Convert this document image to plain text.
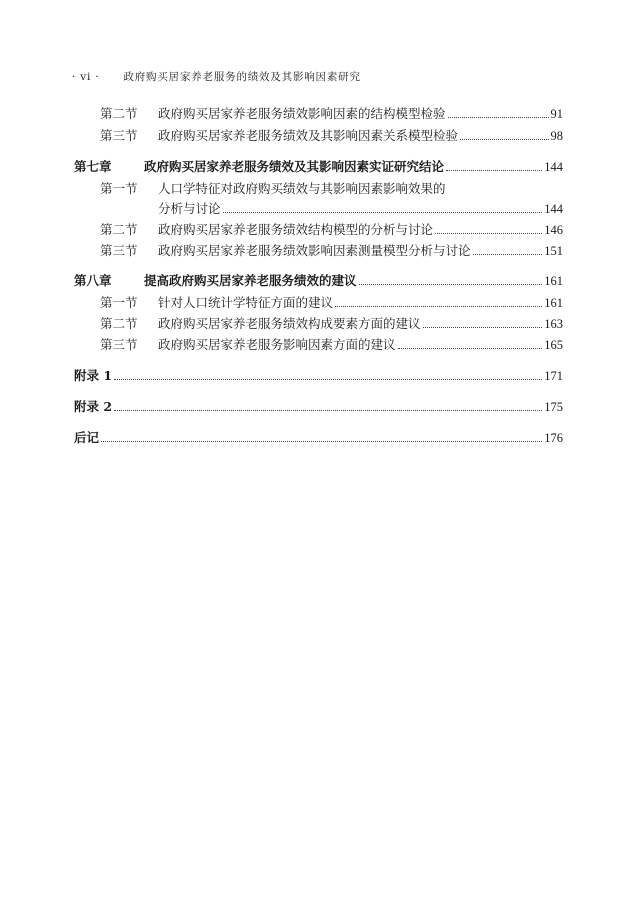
· vi · 政府购买居家养老服务的绩效及其影响因素研究
第二节	政府购买居家养老服务绩效影响因素的结构模型检验	91
第三节	政府购买居家养老服务绩效及其影响因素关系模型检验	98
第七章	政府购买居家养老服务绩效及其影响因素实证研究结论	144
第一节	人口学特征对政府购买绩效与其影响因素影响效果的
分析与讨论	144
第二节	政府购买居家养老服务绩效结构模型的分析与讨论	146
第三节	政府购买居家养老服务绩效影响因素测量模型分析与讨论	151
第八章	提高政府购买居家养老服务绩效的建议	161
第一节	针对人口统计学特征方面的建议	161
第二节	政府购买居家养老服务绩效构成要素方面的建议	163
第三节	政府购买居家养老服务影响因素方面的建议	165
附录 1	171
附录 2	175
后记	176
